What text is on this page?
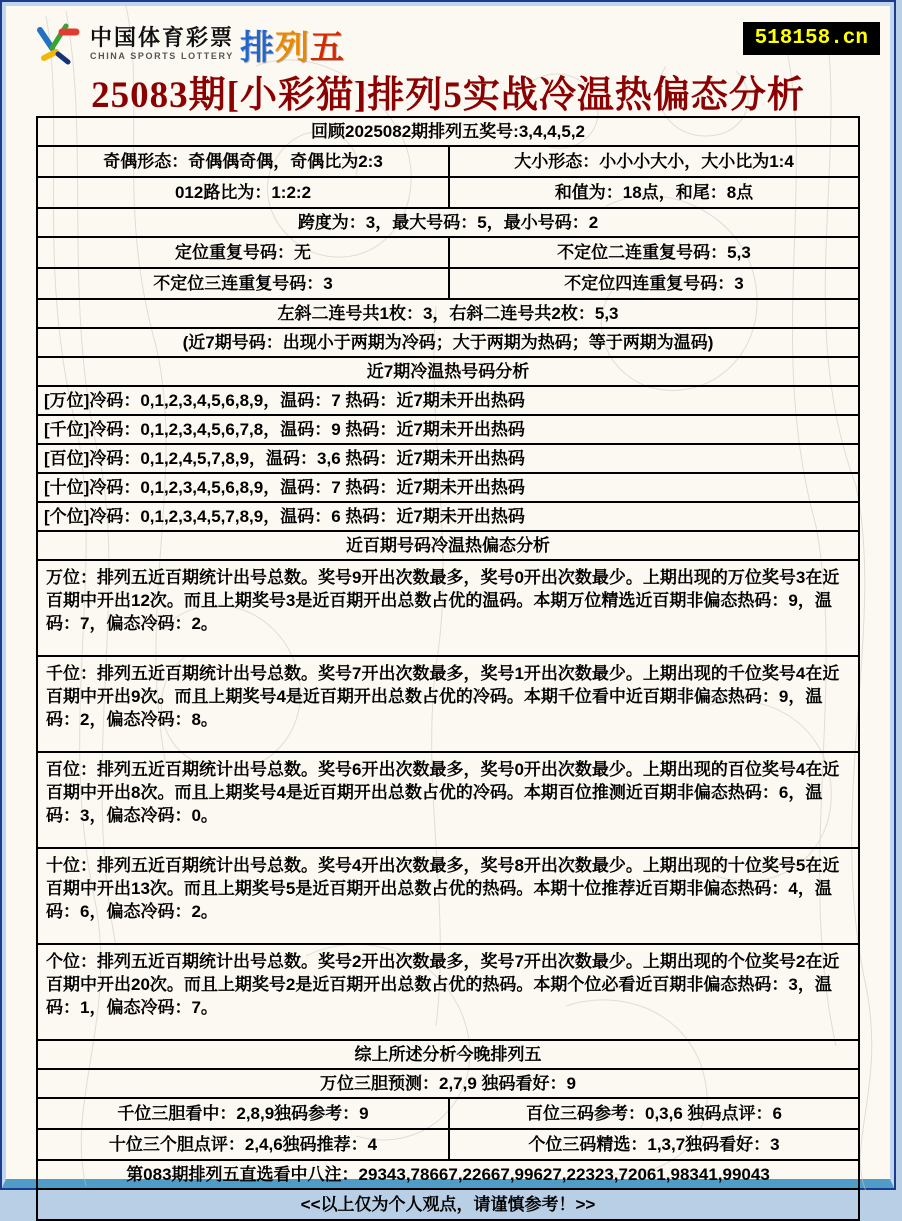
中国体育彩票
CHINA SPORTS LOTTERY 排列五	518158.cn
25083期[小彩猫]排列5实战冷温热偏态分析
回顾2025082期排列五奖号:3,4,4,5,2
奇偶形态：奇偶偶奇偶，奇偶比为2:3	大小形态：小小小大小，大小比为1:4
012路比为：1:2:2	和值为：18点，和尾：8点
跨度为：3，最大号码：5，最小号码：2
定位重复号码：无	不定位二连重复号码：5,3
不定位三连重复号码：3	不定位四连重复号码：3
左斜二连号共1枚：3，右斜二连号共2枚：5,3
(近7期号码：出现小于两期为冷码；大于两期为热码；等于两期为温码)
近7期冷温热号码分析
[万位]冷码：0,1,2,3,4,5,6,8,9，温码：7 热码：近7期未开出热码
[千位]冷码：0,1,2,3,4,5,6,7,8，温码：9 热码：近7期未开出热码
[百位]冷码：0,1,2,4,5,7,8,9，温码：3,6 热码：近7期未开出热码
[十位]冷码：0,1,2,3,4,5,6,8,9，温码：7 热码：近7期未开出热码
[个位]冷码：0,1,2,3,4,5,7,8,9，温码：6 热码：近7期未开出热码
近百期号码冷温热偏态分析
万位：排列五近百期统计出号总数。奖号9开出次数最多，奖号0开出次数最少。上期出现的万位奖号3在近百期中开出12次。而且上期奖号3是近百期开出总数占优的温码。本期万位精选近百期非偏态热码：9，温码：7，偏态冷码：2。
千位：排列五近百期统计出号总数。奖号7开出次数最多，奖号1开出次数最少。上期出现的千位奖号4在近百期中开出9次。而且上期奖号4是近百期开出总数占优的冷码。本期千位看中近百期非偏态热码：9，温码：2，偏态冷码：8。
百位：排列五近百期统计出号总数。奖号6开出次数最多，奖号0开出次数最少。上期出现的百位奖号4在近百期中开出8次。而且上期奖号4是近百期开出总数占优的冷码。本期百位推测近百期非偏态热码：6，温码：3，偏态冷码：0。
十位：排列五近百期统计出号总数。奖号4开出次数最多，奖号8开出次数最少。上期出现的十位奖号5在近百期中开出13次。而且上期奖号5是近百期开出总数占优的热码。本期十位推荐近百期非偏态热码：4，温码：6，偏态冷码：2。
个位：排列五近百期统计出号总数。奖号2开出次数最多，奖号7开出次数最少。上期出现的个位奖号2在近百期中开出20次。而且上期奖号2是近百期开出总数占优的热码。本期个位必看近百期非偏态热码：3，温码：1，偏态冷码：7。
综上所述分析今晚排列五
万位三胆预测：2,7,9 独码看好：9
千位三胆看中：2,8,9独码参考：9	百位三码参考：0,3,6 独码点评：6
十位三个胆点评：2,4,6独码推荐：4	个位三码精选：1,3,7独码看好：3
第083期排列五直选看中八注：29343,78667,22667,99627,22323,72061,98341,99043
<<以上仅为个人观点，请谨慎参考！>>
